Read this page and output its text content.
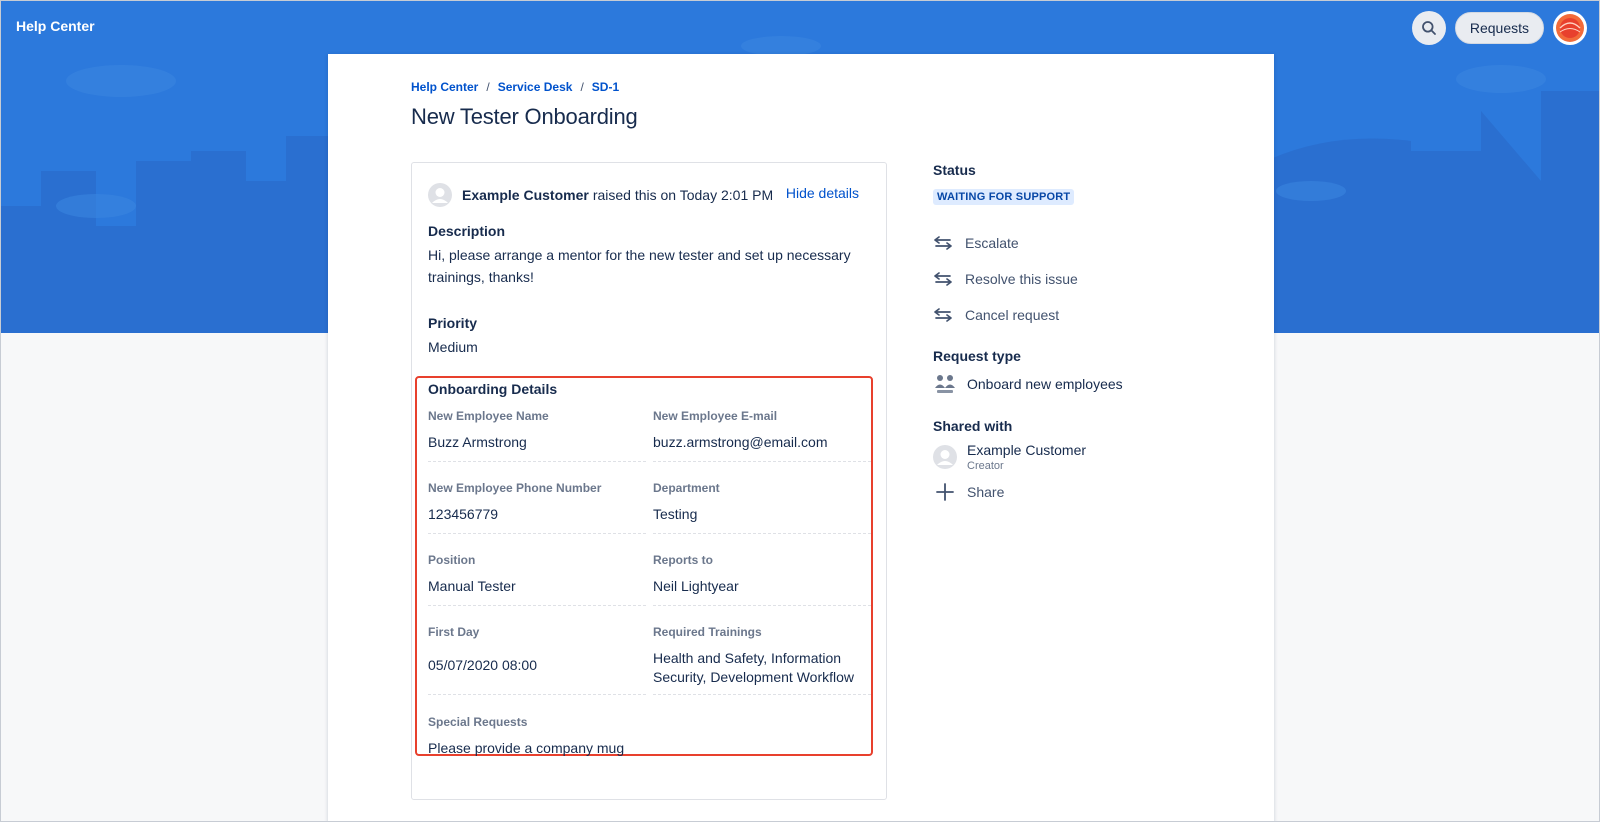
Help Center	Requests
Help Center / Service Desk / SD-1
New Tester Onboarding
Example Customer raised this on Today 2:01 PM Hide details
Description
Hi, please arrange a mentor for the new tester and set up necessary trainings, thanks!
Priority
Medium
Onboarding Details
New Employee Name
Buzz Armstrong
New Employee E-mail
buzz.armstrong@email.com
New Employee Phone Number
123456779
Department
Testing
Position
Manual Tester
Reports to
Neil Lightyear
First Day
05/07/2020 08:00
Required Trainings
Health and Safety, Information Security, Development Workflow
Special Requests
Please provide a company mug
Status
WAITING FOR SUPPORT
Escalate
Resolve this issue
Cancel request
Request type
Onboard new employees
Shared with
Example Customer
Creator
Share
